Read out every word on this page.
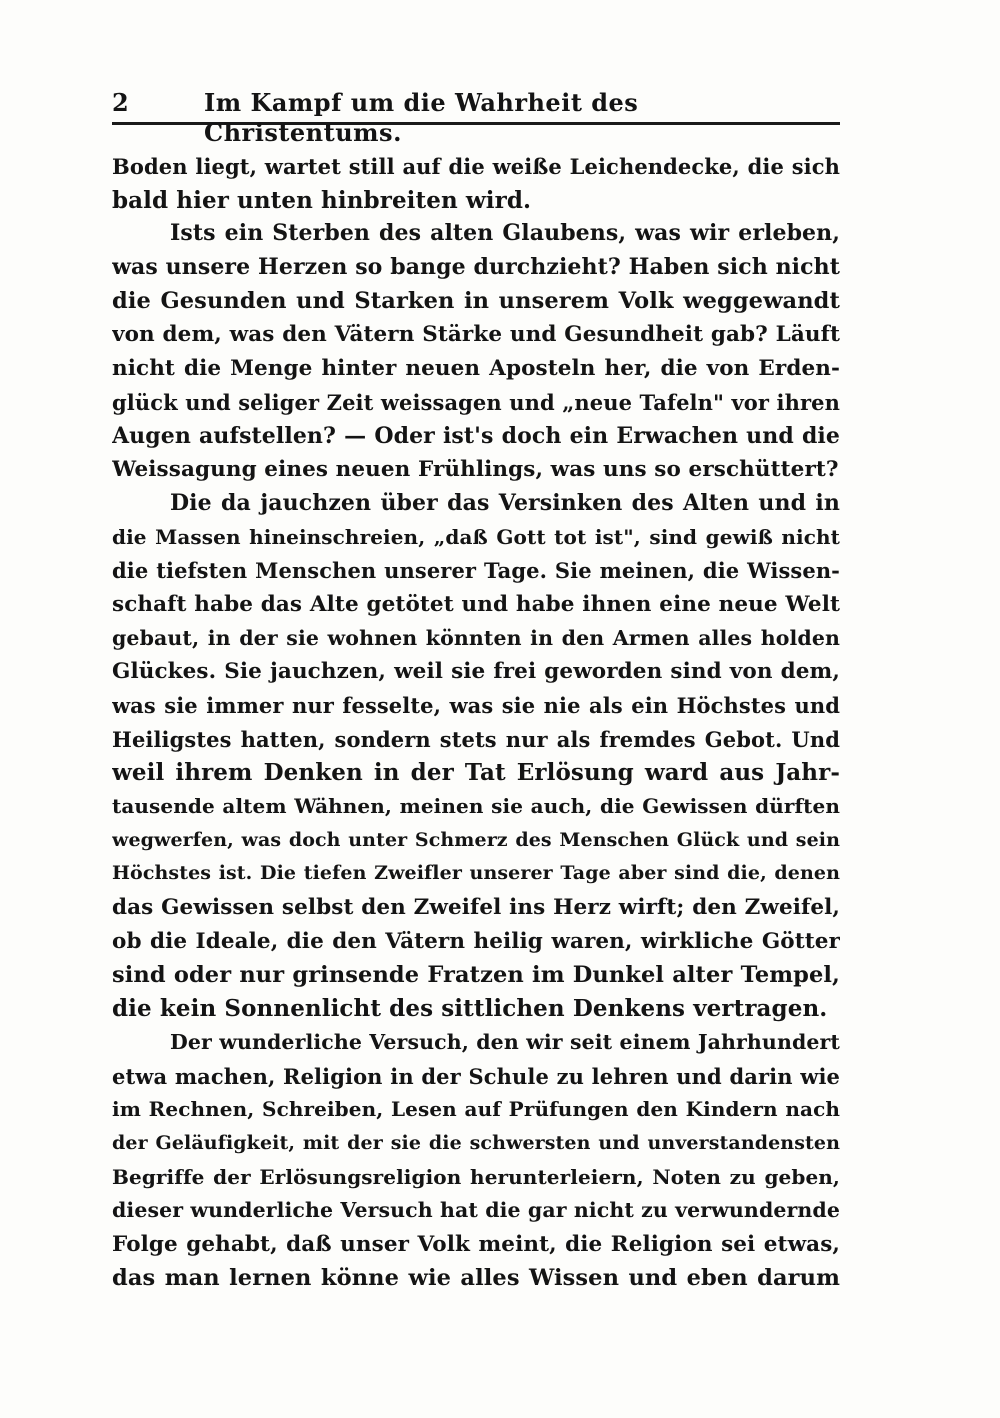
2	Im Kampf um die Wahrheit des Christentums.
Boden liegt, wartet still auf die weiße Leichendecke, die sich
bald hier unten hinbreiten wird.
Ists ein Sterben des alten Glaubens, was wir erleben,
was unsere Herzen so bange durchzieht? Haben sich nicht
die Gesunden und Starken in unserem Volk weggewandt
von dem, was den Vätern Stärke und Gesundheit gab? Läuft
nicht die Menge hinter neuen Aposteln her, die von Erden-
glück und seliger Zeit weissagen und „neue Tafeln" vor ihren
Augen aufstellen? — Oder ist's doch ein Erwachen und die
Weissagung eines neuen Frühlings, was uns so erschüttert?
Die da jauchzen über das Versinken des Alten und in
die Massen hineinschreien, „daß Gott tot ist", sind gewiß nicht
die tiefsten Menschen unserer Tage. Sie meinen, die Wissen-
schaft habe das Alte getötet und habe ihnen eine neue Welt
gebaut, in der sie wohnen könnten in den Armen alles holden
Glückes. Sie jauchzen, weil sie frei geworden sind von dem,
was sie immer nur fesselte, was sie nie als ein Höchstes und
Heiligstes hatten, sondern stets nur als fremdes Gebot. Und
weil ihrem Denken in der Tat Erlösung ward aus Jahr-
tausende altem Wähnen, meinen sie auch, die Gewissen dürften
wegwerfen, was doch unter Schmerz des Menschen Glück und sein
Höchstes ist. Die tiefen Zweifler unserer Tage aber sind die, denen
das Gewissen selbst den Zweifel ins Herz wirft; den Zweifel,
ob die Ideale, die den Vätern heilig waren, wirkliche Götter
sind oder nur grinsende Fratzen im Dunkel alter Tempel,
die kein Sonnenlicht des sittlichen Denkens vertragen.
Der wunderliche Versuch, den wir seit einem Jahrhundert
etwa machen, Religion in der Schule zu lehren und darin wie
im Rechnen, Schreiben, Lesen auf Prüfungen den Kindern nach
der Geläufigkeit, mit der sie die schwersten und unverstandensten
Begriffe der Erlösungsreligion herunterleiern, Noten zu geben,
dieser wunderliche Versuch hat die gar nicht zu verwundernde
Folge gehabt, daß unser Volk meint, die Religion sei etwas,
das man lernen könne wie alles Wissen und eben darum
